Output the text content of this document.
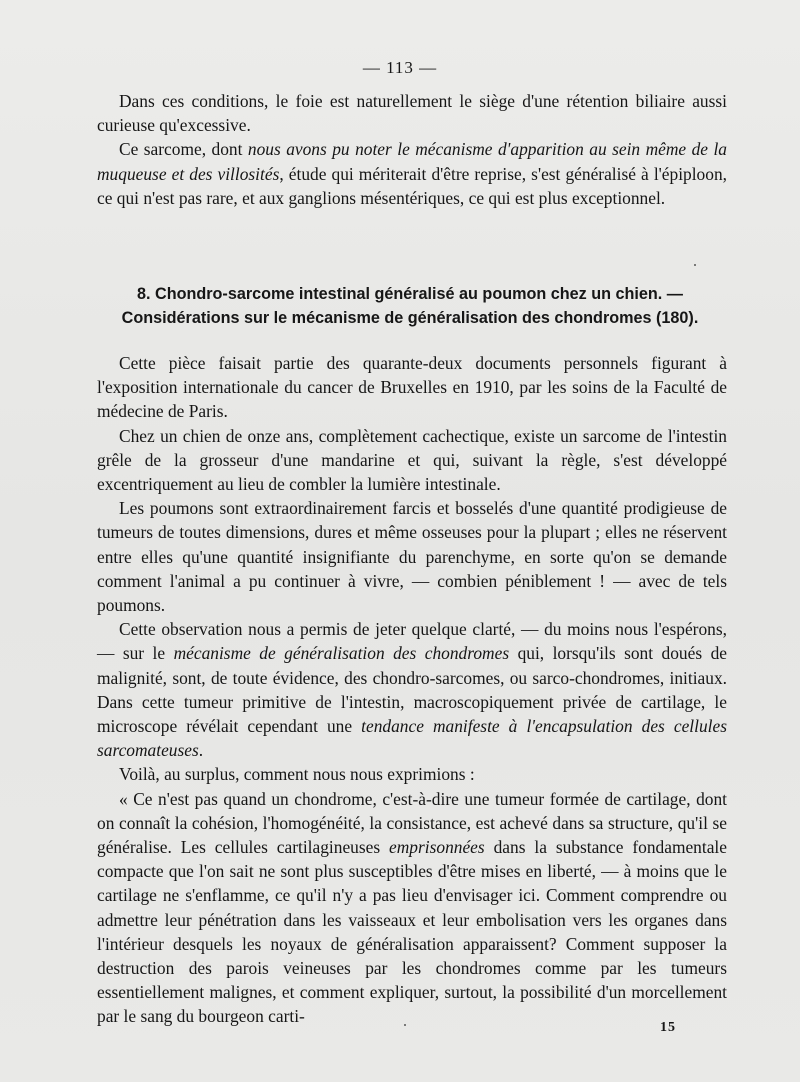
— 113 —

Dans ces conditions, le foie est naturellement le siège d'une rétention biliaire aussi curieuse qu'excessive.

Ce sarcome, dont nous avons pu noter le mécanisme d'apparition au sein même de la muqueuse et des villosités, étude qui mériterait d'être reprise, s'est généralisé à l'épiploon, ce qui n'est pas rare, et aux ganglions mésentériques, ce qui est plus exceptionnel.

8. Chondro-sarcome intestinal généralisé au poumon chez un chien. —
Considérations sur le mécanisme de généralisation des chondromes (180).

Cette pièce faisait partie des quarante-deux documents personnels figurant à l'exposition internationale du cancer de Bruxelles en 1910, par les soins de la Faculté de médecine de Paris.

Chez un chien de onze ans, complètement cachectique, existe un sarcome de l'intestin grêle de la grosseur d'une mandarine et qui, suivant la règle, s'est développé excentriquement au lieu de combler la lumière intestinale.

Les poumons sont extraordinairement farcis et bosselés d'une quantité prodigieuse de tumeurs de toutes dimensions, dures et même osseuses pour la plupart ; elles ne réservent entre elles qu'une quantité insignifiante du parenchyme, en sorte qu'on se demande comment l'animal a pu continuer à vivre, — combien péniblement ! — avec de tels poumons.

Cette observation nous a permis de jeter quelque clarté, — du moins nous l'espérons, — sur le mécanisme de généralisation des chondromes qui, lorsqu'ils sont doués de malignité, sont, de toute évidence, des chondro-sarcomes, ou sarco-chondromes, initiaux. Dans cette tumeur primitive de l'intestin, macroscopiquement privée de cartilage, le microscope révélait cependant une tendance manifeste à l'encapsulation des cellules sarcomateuses.

Voilà, au surplus, comment nous nous exprimions :

« Ce n'est pas quand un chondrome, c'est-à-dire une tumeur formée de cartilage, dont on connaît la cohésion, l'homogénéité, la consistance, est achevé dans sa structure, qu'il se généralise. Les cellules cartilagineuses emprisonnées dans la substance fondamentale compacte que l'on sait ne sont plus susceptibles d'être mises en liberté, — à moins que le cartilage ne s'enflamme, ce qu'il n'y a pas lieu d'envisager ici. Comment comprendre ou admettre leur pénétration dans les vaisseaux et leur embolisation vers les organes dans l'intérieur desquels les noyaux de généralisation apparaissent? Comment supposer la destruction des parois veineuses par les chondromes comme par les tumeurs essentiellement malignes, et comment expliquer, surtout, la possibilité d'un morcellement par le sang du bourgeon carti-

15
